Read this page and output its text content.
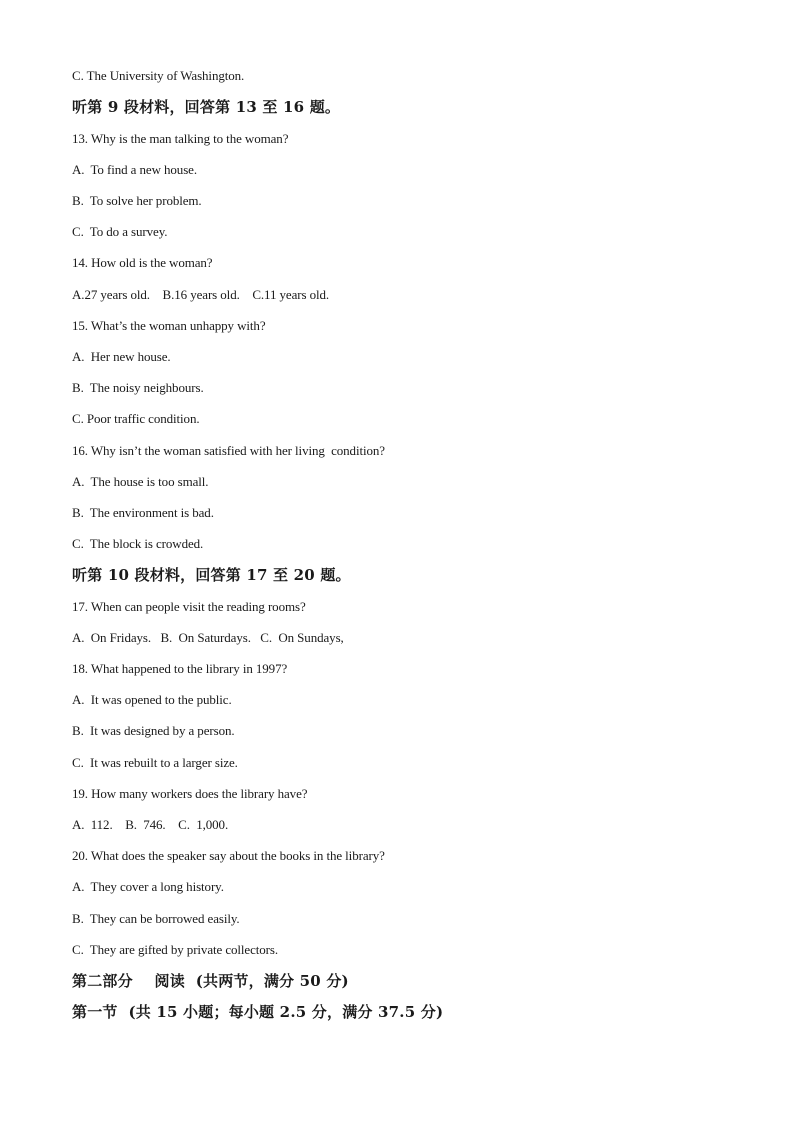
C. The University of Washington.
听第 9 段材料，回答第 13 至 16 题。
13. Why is the man talking to the woman?
A.  To find a new house.
B.  To solve her problem.
C.  To do a survey.
14. How old is the woman?
A.27 years old.    B.16 years old.    C.11 years old.
15. What’s the woman unhappy with?
A.  Her new house.
B.  The noisy neighbours.
C. Poor traffic condition.
16. Why isn’t the woman satisfied with her living  condition?
A.  The house is too small.
B.  The environment is bad.
C.  The block is crowded.
听第 10 段材料，回答第 17 至 20 题。
17. When can people visit the reading rooms?
A.  On Fridays.   B.  On Saturdays.   C.  On Sundays,
18. What happened to the library in 1997?
A.  It was opened to the public.
B.  It was designed by a person.
C.  It was rebuilt to a larger size.
19. How many workers does the library have?
A.  112.    B.  746.    C.  1,000.
20. What does the speaker say about the books in the library?
A.  They cover a long history.
B.  They can be borrowed easily.
C.  They are gifted by private collectors.
第二部分    阅读  (共两节，满分 50 分)
第一节  (共 15 小题；每小题 2.5 分，满分 37.5 分)
